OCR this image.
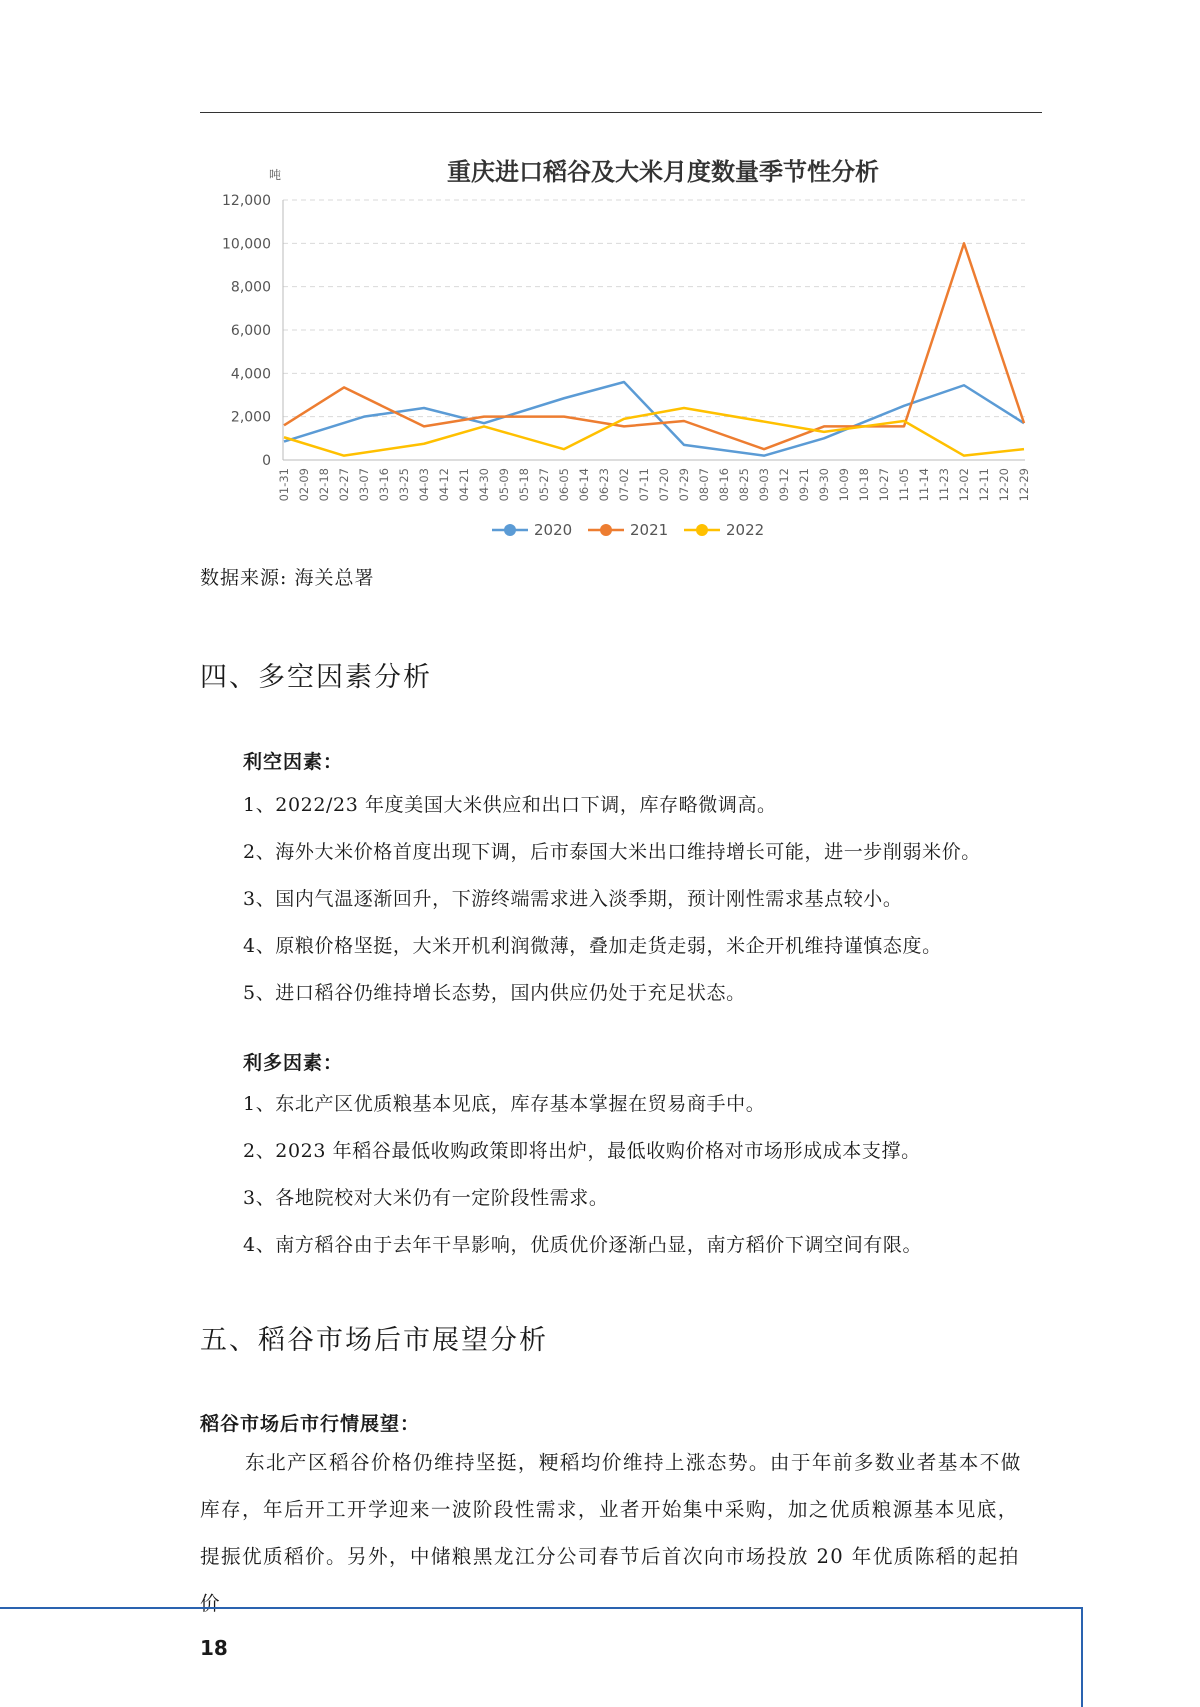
重庆进口稻谷及大米月度数量季节性分析
吨
12,000
10,000
8,000
6,000
4,000
2,000
0
01-31 02-09 02-18 02-27 03-07 03-16 03-25 04-03 04-12 04-21 04-30 05-09 05-18 05-27 06-05 06-14 06-23 07-02 07-11 07-20 07-29 08-07 08-16 08-25 09-03 09-12 09-21 09-30 10-09 10-18 10-27 11-05 11-14 11-23 12-02 12-11 12-20 12-29
2020	2021	2022
数据来源: 海关总署
四、多空因素分析
利空因素：
1、2022/23 年度美国大米供应和出口下调，库存略微调高。
2、海外大米价格首度出现下调，后市泰国大米出口维持增长可能，进一步削弱米价。
3、国内气温逐渐回升，下游终端需求进入淡季期，预计刚性需求基点较小。
4、原粮价格坚挺，大米开机利润微薄，叠加走货走弱，米企开机维持谨慎态度。
5、进口稻谷仍维持增长态势，国内供应仍处于充足状态。
利多因素：
1、东北产区优质粮基本见底，库存基本掌握在贸易商手中。
2、2023 年稻谷最低收购政策即将出炉，最低收购价格对市场形成成本支撑。
3、各地院校对大米仍有一定阶段性需求。
4、南方稻谷由于去年干旱影响，优质优价逐渐凸显，南方稻价下调空间有限。
五、稻谷市场后市展望分析
稻谷市场后市行情展望：

东北产区稻谷价格仍维持坚挺，粳稻均价维持上涨态势。由于年前多数业者基本不做库存，年后开工开学迎来一波阶段性需求，业者开始集中采购，加之优质粮源基本见底，提振优质稻价。另外，中储粮黑龙江分公司春节后首次向市场投放 20 年优质陈稻的起拍价

18
